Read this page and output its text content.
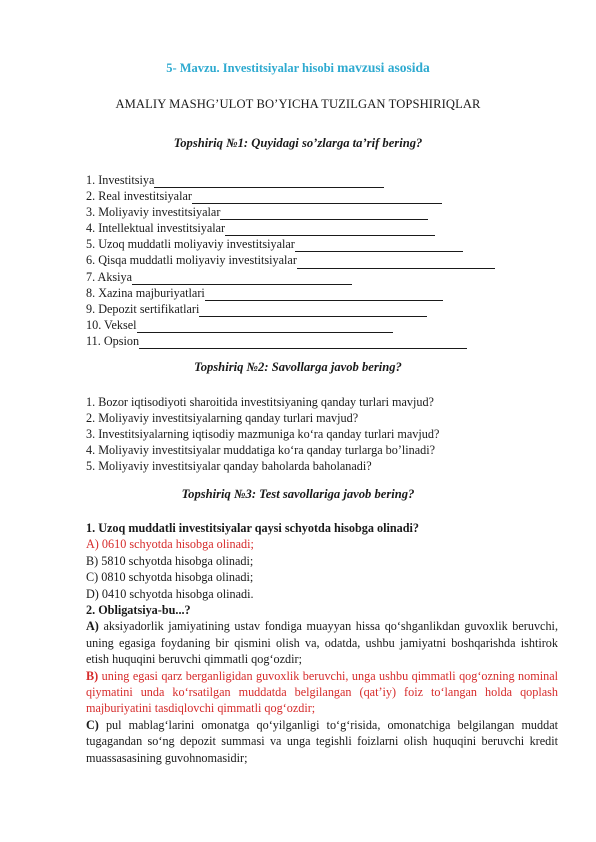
5- Mavzu. Investitsiyalar hisobi mavzusi asosida
AMALIY MASHG’ULOT BO’YICHA TUZILGAN TOPSHIRIQLAR
Topshiriq №1: Quyidagi so’zlarga ta’rif bering?
1. Investitsiya
2. Real investitsiyalar
3. Moliyaviy investitsiyalar
4. Intellektual investitsiyalar
5. Uzoq muddatli moliyaviy investitsiyalar
6. Qisqa muddatli moliyaviy investitsiyalar
7. Aksiya
8. Xazina majburiyatlari
9. Depozit sertifikatlari
10. Veksel
11. Opsion
Topshiriq №2: Savollarga javob bering?
1. Bozor iqtisodiyoti sharoitida investitsiyaning qanday turlari mavjud?
2. Moliyaviy investitsiyalarning qanday turlari mavjud?
3. Investitsiyalarning iqtisodiy mazmuniga ko‘ra qanday turlari mavjud?
4. Moliyaviy investitsiyalar muddatiga ko‘ra qanday turlarga bo’linadi?
5. Moliyaviy investitsiyalar qanday baholarda baholanadi?
Topshiriq №3: Test savollariga javob bering?
1. Uzoq muddatli investitsiyalar qaysi schyotda hisobga olinadi?
A) 0610 schyotda hisobga olinadi;
B) 5810 schyotda hisobga olinadi;
C) 0810 schyotda hisobga olinadi;
D) 0410 schyotda hisobga olinadi.
2. Obligatsiya-bu...?

A) aksiyadorlik jamiyatining ustav fondiga muayyan hissa qo‘shganlikdan guvoxlik beruvchi, uning egasiga foydaning bir qismini olish va, odatda, ushbu jamiyatni boshqarishda ishtirok etish huquqini beruvchi qimmatli qog‘ozdir;

B) uning egasi qarz berganligidan guvoxlik beruvchi, unga ushbu qimmatli qog‘ozning nominal qiymatini unda ko‘rsatilgan muddatda belgilangan (qat’iy) foiz to‘langan holda qoplash majburiyatini tasdiqlovchi qimmatli qog‘ozdir;

C) pul mablag‘larini omonatga qo‘yilganligi to‘g‘risida, omonatchiga belgilangan muddat tugagandan so‘ng depozit summasi va unga tegishli foizlarni olish huquqini beruvchi kredit muassasasining guvohnomasidir;
